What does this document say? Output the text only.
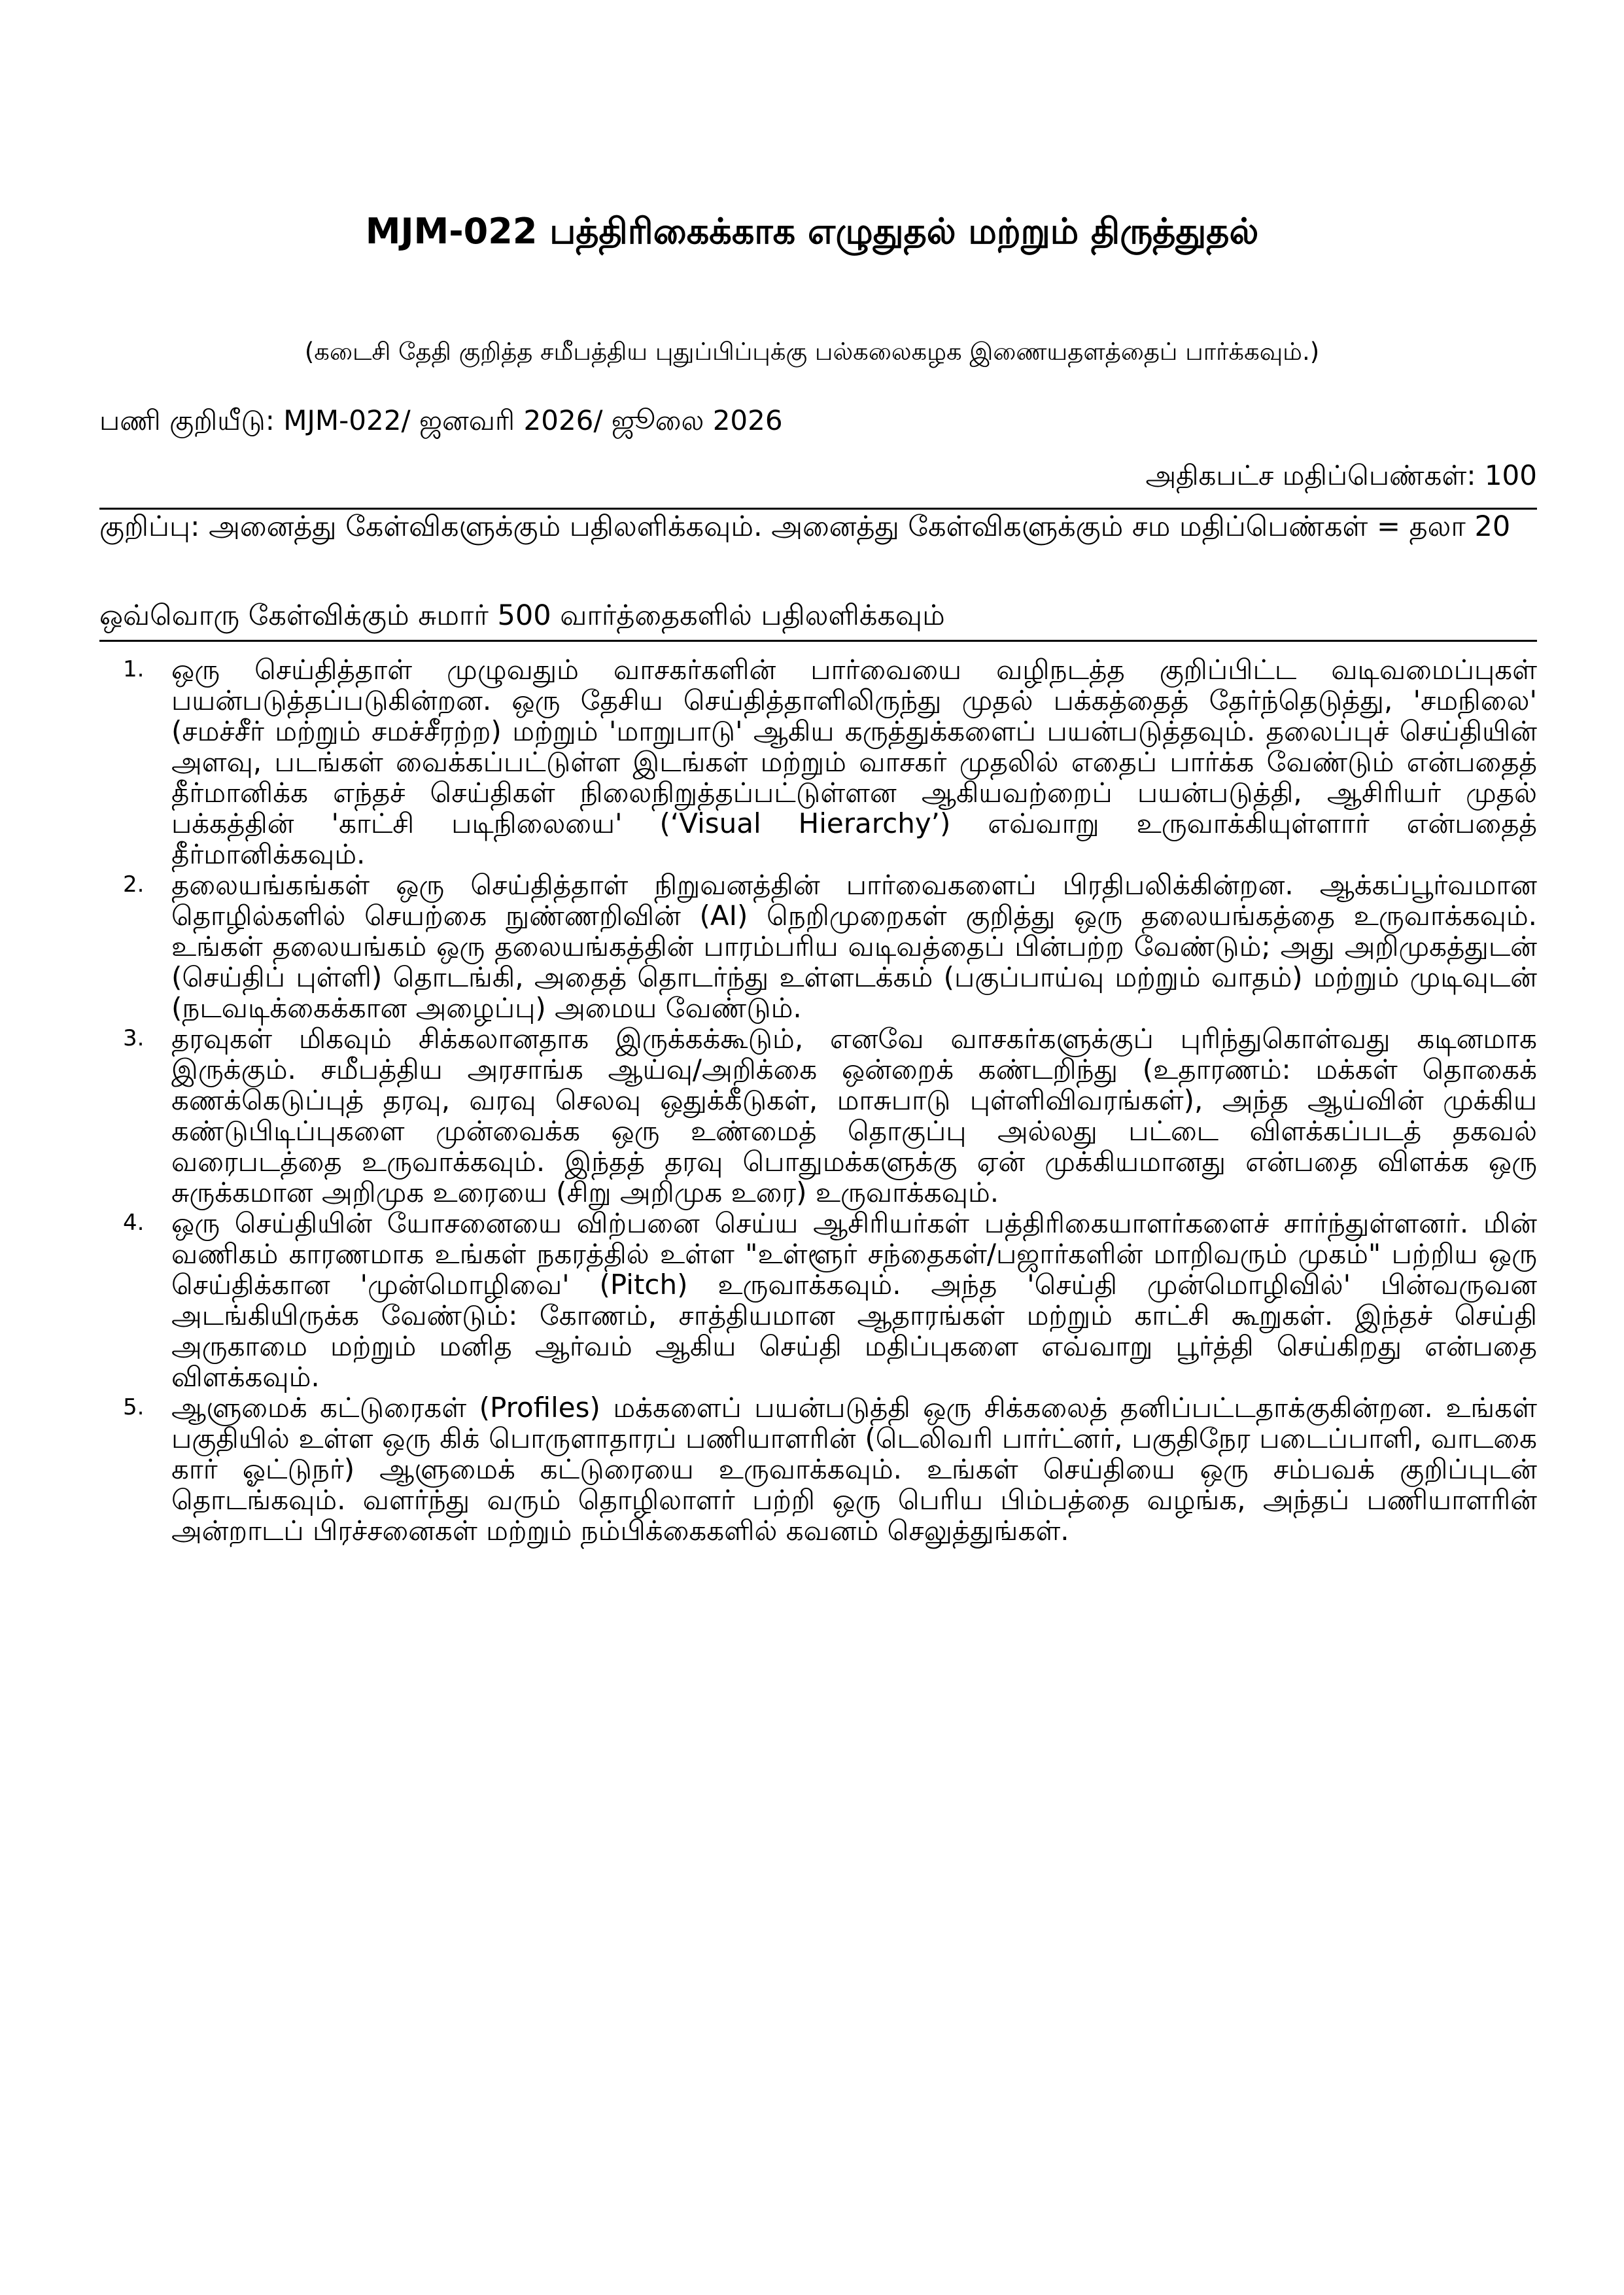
MJM-022 பத்திரிகைக்காக எழுதுதல் மற்றும் திருத்துதல்
(கடைசி தேதி குறித்த சமீபத்திய புதுப்பிப்புக்கு பல்கலைகழக இணையதளத்தைப் பார்க்கவும்.)
பணி குறியீடு: MJM-022/ ஜனவரி 2026/ ஜூலை 2026
அதிகபட்ச மதிப்பெண்கள்: 100
குறிப்பு: அனைத்து கேள்விகளுக்கும் பதிலளிக்கவும். அனைத்து கேள்விகளுக்கும் சம மதிப்பெண்கள் = தலா 20
ஒவ்வொரு கேள்விக்கும் சுமார் 500 வார்த்தைகளில் பதிலளிக்கவும்
1. ஒரு செய்தித்தாள் முழுவதும் வாசகர்களின் பார்வையை வழிநடத்த குறிப்பிட்ட வடிவமைப்புகள் பயன்படுத்தப்படுகின்றன. ஒரு தேசிய செய்தித்தாளிலிருந்து முதல் பக்கத்தைத் தேர்ந்தெடுத்து, 'சமநிலை' (சமச்சீர் மற்றும் சமச்சீரற்ற) மற்றும் 'மாறுபாடு' ஆகிய கருத்துக்களைப் பயன்படுத்தவும். தலைப்புச் செய்தியின் அளவு, படங்கள் வைக்கப்பட்டுள்ள இடங்கள் மற்றும் வாசகர் முதலில் எதைப் பார்க்க வேண்டும் என்பதைத் தீர்மானிக்க எந்தச் செய்திகள் நிலைநிறுத்தப்பட்டுள்ளன ஆகியவற்றைப் பயன்படுத்தி, ஆசிரியர் முதல் பக்கத்தின் 'காட்சி படிநிலையை' (‘Visual Hierarchy’) எவ்வாறு உருவாக்கியுள்ளார் என்பதைத் தீர்மானிக்கவும்.
2. தலையங்கங்கள் ஒரு செய்தித்தாள் நிறுவனத்தின் பார்வைகளைப் பிரதிபலிக்கின்றன. ஆக்கப்பூர்வமான தொழில்களில் செயற்கை நுண்ணறிவின் (AI) நெறிமுறைகள் குறித்து ஒரு தலையங்கத்தை உருவாக்கவும். உங்கள் தலையங்கம் ஒரு தலையங்கத்தின் பாரம்பரிய வடிவத்தைப் பின்பற்ற வேண்டும்; அது அறிமுகத்துடன் (செய்திப் புள்ளி) தொடங்கி, அதைத் தொடர்ந்து உள்ளடக்கம் (பகுப்பாய்வு மற்றும் வாதம்) மற்றும் முடிவுடன் (நடவடிக்கைக்கான அழைப்பு) அமைய வேண்டும்.
3. தரவுகள் மிகவும் சிக்கலானதாக இருக்கக்கூடும், எனவே வாசகர்களுக்குப் புரிந்துகொள்வது கடினமாக இருக்கும். சமீபத்திய அரசாங்க ஆய்வு/அறிக்கை ஒன்றைக் கண்டறிந்து (உதாரணம்: மக்கள் தொகைக் கணக்கெடுப்புத் தரவு, வரவு செலவு ஒதுக்கீடுகள், மாசுபாடு புள்ளிவிவரங்கள்), அந்த ஆய்வின் முக்கிய கண்டுபிடிப்புகளை முன்வைக்க ஒரு உண்மைத் தொகுப்பு அல்லது பட்டை விளக்கப்படத் தகவல் வரைபடத்தை உருவாக்கவும். இந்தத் தரவு பொதுமக்களுக்கு ஏன் முக்கியமானது என்பதை விளக்க ஒரு சுருக்கமான அறிமுக உரையை (சிறு அறிமுக உரை) உருவாக்கவும்.
4. ஒரு செய்தியின் யோசனையை விற்பனை செய்ய ஆசிரியர்கள் பத்திரிகையாளர்களைச் சார்ந்துள்ளனர். மின் வணிகம் காரணமாக உங்கள் நகரத்தில் உள்ள "உள்ளூர் சந்தைகள்/பஜார்களின் மாறிவரும் முகம்" பற்றிய ஒரு செய்திக்கான 'முன்மொழிவை' (Pitch) உருவாக்கவும். அந்த 'செய்தி முன்மொழிவில்' பின்வருவன அடங்கியிருக்க வேண்டும்: கோணம், சாத்தியமான ஆதாரங்கள் மற்றும் காட்சி கூறுகள். இந்தச் செய்தி அருகாமை மற்றும் மனித ஆர்வம் ஆகிய செய்தி மதிப்புகளை எவ்வாறு பூர்த்தி செய்கிறது என்பதை விளக்கவும்.
5. ஆளுமைக் கட்டுரைகள் (Profiles) மக்களைப் பயன்படுத்தி ஒரு சிக்கலைத் தனிப்பட்டதாக்குகின்றன. உங்கள் பகுதியில் உள்ள ஒரு கிக் பொருளாதாரப் பணியாளரின் (டெலிவரி பார்ட்னர், பகுதிநேர படைப்பாளி, வாடகை கார் ஓட்டுநர்) ஆளுமைக் கட்டுரையை உருவாக்கவும். உங்கள் செய்தியை ஒரு சம்பவக் குறிப்புடன் தொடங்கவும். வளர்ந்து வரும் தொழிலாளர் பற்றி ஒரு பெரிய பிம்பத்தை வழங்க, அந்தப் பணியாளரின் அன்றாடப் பிரச்சனைகள் மற்றும் நம்பிக்கைகளில் கவனம் செலுத்துங்கள்.
